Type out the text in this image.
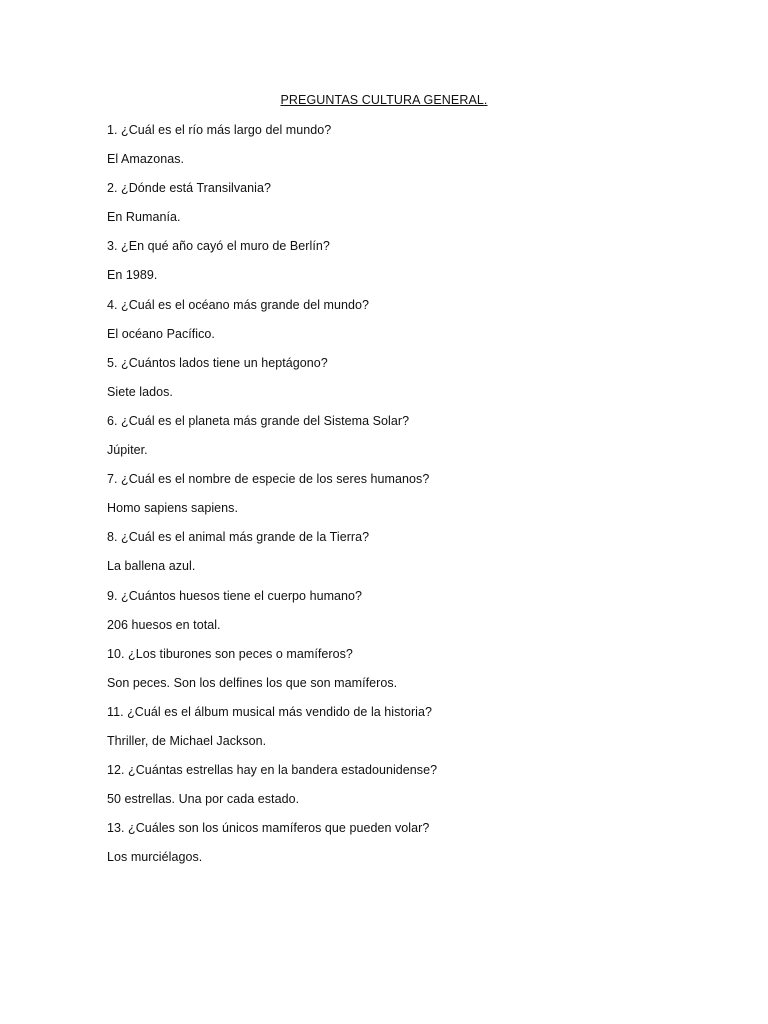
PREGUNTAS CULTURA GENERAL.
1. ¿Cuál es el río más largo del mundo?
El Amazonas.
2. ¿Dónde está Transilvania?
En Rumanía.
3. ¿En qué año cayó el muro de Berlín?
En 1989.
4. ¿Cuál es el océano más grande del mundo?
El océano Pacífico.
5. ¿Cuántos lados tiene un heptágono?
Siete lados.
6. ¿Cuál es el planeta más grande del Sistema Solar?
Júpiter.
7. ¿Cuál es el nombre de especie de los seres humanos?
Homo sapiens sapiens.
8. ¿Cuál es el animal más grande de la Tierra?
La ballena azul.
9. ¿Cuántos huesos tiene el cuerpo humano?
206 huesos en total.
10. ¿Los tiburones son peces o mamíferos?
Son peces. Son los delfines los que son mamíferos.
11. ¿Cuál es el álbum musical más vendido de la historia?
Thriller, de Michael Jackson.
12. ¿Cuántas estrellas hay en la bandera estadounidense?
50 estrellas. Una por cada estado.
13. ¿Cuáles son los únicos mamíferos que pueden volar?
Los murciélagos.
